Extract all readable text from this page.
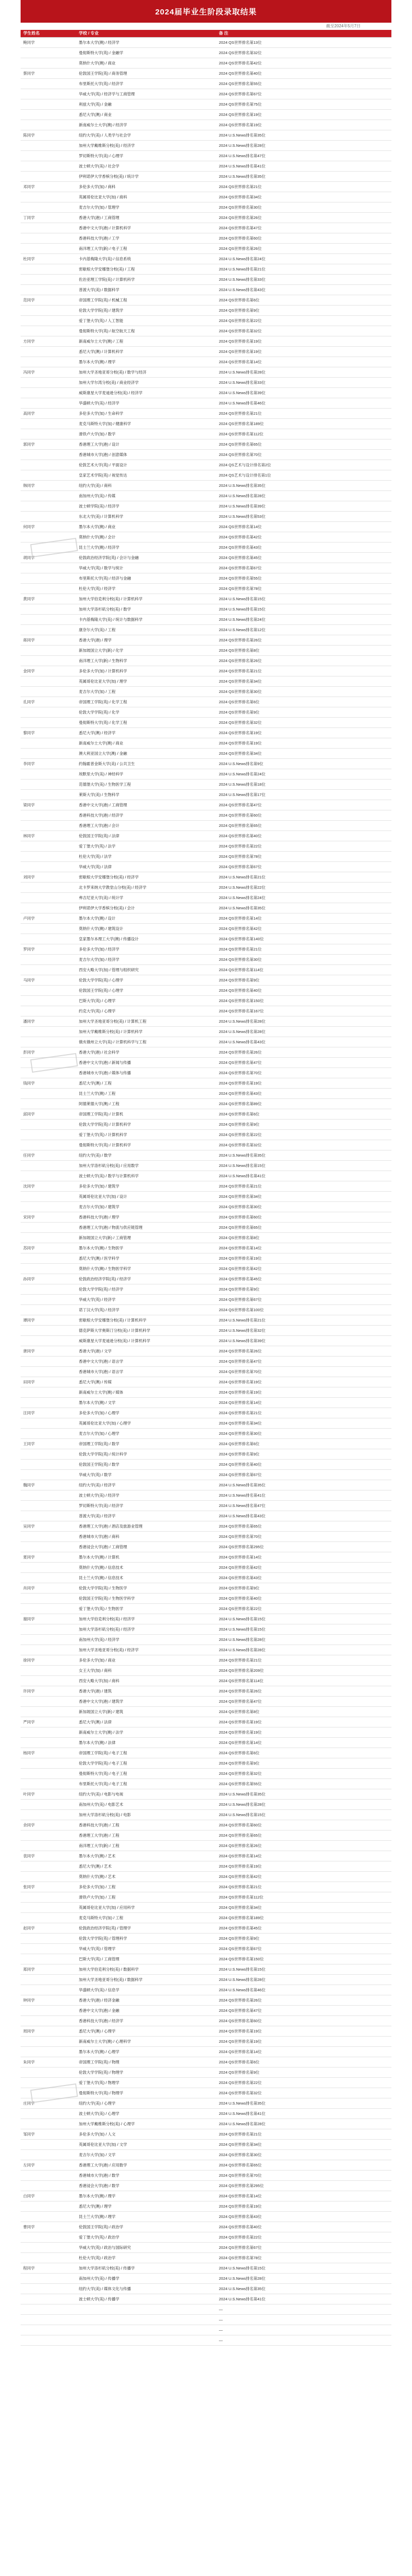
2024届毕业生阶段录取结果
截至2024年5月7日
学生姓名	学校 / 专业	备 注
鲍同学	墨尔本大学(澳) / 经济学	2024 QS世界排名第13位
	曼彻斯特大学(英) / 金融学	2024 QS世界排名第32位
	莫纳什大学(澳) / 商业	2024 QS世界排名第42位
蔡同学	伦敦国王学院(英) / 商务管理	2024 QS世界排名第40位
	布里斯托大学(英) / 经济学	2024 QS世界排名第55位
	华威大学(英) / 经济学与工商管理	2024 QS世界排名第67位
	利兹大学(英) / 金融	2024 QS世界排名第75位
	悉尼大学(澳) / 商业	2024 QS世界排名第19位
	新南威尔士大学(澳) / 经济学	2024 QS世界排名第19位
陈同学	纽约大学(美) / 人类学与社会学	2024 U.S.News排名第35位
	加州大学戴维斯分校(美) / 经济学	2024 U.S.News排名第28位
	罗切斯特大学(美) / 心理学	2024 U.S.News排名第47位
	波士顿大学(美) / 社会学	2024 U.S.News排名第41位
	伊利诺伊大学香槟分校(美) / 统计学	2024 U.S.News排名第35位
邓同学	多伦多大学(加) / 商科	2024 QS世界排名第21位
	英属哥伦比亚大学(加) / 商科	2024 QS世界排名第34位
	麦吉尔大学(加) / 管理学	2024 QS世界排名第30位
丁同学	香港大学(港) / 工商管理	2024 QS世界排名第26位
	香港中文大学(港) / 计算机科学	2024 QS世界排名第47位
	香港科技大学(港) / 工学	2024 QS世界排名第60位
	南洋理工大学(新) / 电子工程	2024 QS世界排名第26位
杜同学	卡内基梅隆大学(美) / 信息系统	2024 U.S.News排名第24位
	密歇根大学安娜堡分校(美) / 工程	2024 U.S.News排名第21位
	佐治亚理工学院(美) / 计算机科学	2024 U.S.News排名第33位
	普渡大学(美) / 数据科学	2024 U.S.News排名第43位
范同学	帝国理工学院(英) / 机械工程	2024 QS世界排名第6位
	伦敦大学学院(英) / 建筑学	2024 QS世界排名第9位
	爱丁堡大学(英) / 人工智能	2024 QS世界排名第22位
	曼彻斯特大学(英) / 航空航天工程	2024 QS世界排名第32位
方同学	新南威尔士大学(澳) / 工程	2024 QS世界排名第19位
	悉尼大学(澳) / 计算机科学	2024 QS世界排名第19位
	墨尔本大学(澳) / 理学	2024 QS世界排名第14位
冯同学	加州大学圣地亚哥分校(美) / 数学与经济	2024 U.S.News排名第28位
	加州大学尔湾分校(美) / 商业经济学	2024 U.S.News排名第33位
	威斯康星大学麦迪逊分校(美) / 经济学	2024 U.S.News排名第39位
	华盛顿大学(美) / 经济学	2024 U.S.News排名第46位
高同学	多伦多大学(加) / 生命科学	2024 QS世界排名第21位
	麦克马斯特大学(加) / 健康科学	2024 QS世界排名第189位
	滑铁卢大学(加) / 数学	2024 QS世界排名第112位
郭同学	香港理工大学(港) / 设计	2024 QS世界排名第65位
	香港城市大学(港) / 创意媒体	2024 QS世界排名第70位
	伦敦艺术大学(英) / 平面设计	2024 QS艺术与设计排名第2位
	皇家艺术学院(英) / 视觉传达	2024 QS艺术与设计排名第1位
韩同学	纽约大学(美) / 商科	2024 U.S.News排名第35位
	南加州大学(美) / 传媒	2024 U.S.News排名第28位
	波士顿学院(美) / 经济学	2024 U.S.News排名第39位
	东北大学(美) / 计算机科学	2024 U.S.News排名第53位
何同学	墨尔本大学(澳) / 商业	2024 QS世界排名第14位
	莫纳什大学(澳) / 会计	2024 QS世界排名第42位
	昆士兰大学(澳) / 经济学	2024 QS世界排名第43位
胡同学	伦敦政治经济学院(英) / 会计与金融	2024 QS世界排名第45位
	华威大学(英) / 数学与统计	2024 QS世界排名第67位
	布里斯托大学(英) / 经济与金融	2024 QS世界排名第55位
	杜伦大学(英) / 经济学	2024 QS世界排名第78位
黄同学	加州大学伯克利分校(美) / 计算机科学	2024 U.S.News排名第15位
	加州大学洛杉矶分校(美) / 数学	2024 U.S.News排名第15位
	卡内基梅隆大学(美) / 统计与数据科学	2024 U.S.News排名第24位
	康奈尔大学(美) / 工程	2024 U.S.News排名第12位
蒋同学	香港大学(港) / 理学	2024 QS世界排名第26位
	新加坡国立大学(新) / 化学	2024 QS世界排名第8位
	南洋理工大学(新) / 生物科学	2024 QS世界排名第26位
金同学	多伦多大学(加) / 计算机科学	2024 QS世界排名第21位
	英属哥伦比亚大学(加) / 理学	2024 QS世界排名第34位
	麦吉尔大学(加) / 工程	2024 QS世界排名第30位
孔同学	帝国理工学院(英) / 化学工程	2024 QS世界排名第6位
	伦敦大学学院(英) / 化学	2024 QS世界排名第9位
	曼彻斯特大学(英) / 化学工程	2024 QS世界排名第32位
黎同学	悉尼大学(澳) / 经济学	2024 QS世界排名第19位
	新南威尔士大学(澳) / 商业	2024 QS世界排名第19位
	澳大利亚国立大学(澳) / 金融	2024 QS世界排名第34位
李同学	约翰霍普金斯大学(美) / 公共卫生	2024 U.S.News排名第9位
	埃默里大学(美) / 神经科学	2024 U.S.News排名第24位
	范德堡大学(美) / 生物医学工程	2024 U.S.News排名第18位
	莱斯大学(美) / 生物科学	2024 U.S.News排名第17位
梁同学	香港中文大学(港) / 工商管理	2024 QS世界排名第47位
	香港科技大学(港) / 经济学	2024 QS世界排名第60位
	香港理工大学(港) / 会计	2024 QS世界排名第65位
林同学	伦敦国王学院(英) / 法律	2024 QS世界排名第40位
	爱丁堡大学(英) / 法学	2024 QS世界排名第22位
	杜伦大学(英) / 法学	2024 QS世界排名第78位
	华威大学(英) / 法律	2024 QS世界排名第67位
刘同学	密歇根大学安娜堡分校(美) / 经济学	2024 U.S.News排名第21位
	北卡罗来纳大学教堂山分校(美) / 经济学	2024 U.S.News排名第22位
	弗吉尼亚大学(美) / 统计学	2024 U.S.News排名第24位
	伊利诺伊大学香槟分校(美) / 会计	2024 U.S.News排名第35位
卢同学	墨尔本大学(澳) / 设计	2024 QS世界排名第14位
	莫纳什大学(澳) / 建筑设计	2024 QS世界排名第42位
	皇家墨尔本理工大学(澳) / 传播设计	2024 QS世界排名第140位
罗同学	多伦多大学(加) / 经济学	2024 QS世界排名第21位
	麦吉尔大学(加) / 经济学	2024 QS世界排名第30位
	西安大略大学(加) / 管理与组织研究	2024 QS世界排名第114位
马同学	伦敦大学学院(英) / 心理学	2024 QS世界排名第9位
	伦敦国王学院(英) / 心理学	2024 QS世界排名第40位
	巴斯大学(英) / 心理学	2024 QS世界排名第150位
	约克大学(英) / 心理学	2024 QS世界排名第167位
潘同学	加州大学圣地亚哥分校(美) / 计算机工程	2024 U.S.News排名第28位
	加州大学戴维斯分校(美) / 计算机科学	2024 U.S.News排名第28位
	俄亥俄州立大学(美) / 计算机科学与工程	2024 U.S.News排名第43位
彭同学	香港大学(港) / 社会科学	2024 QS世界排名第26位
	香港中文大学(港) / 新闻与传播	2024 QS世界排名第47位
	香港城市大学(港) / 媒体与传播	2024 QS世界排名第70位
钱同学	悉尼大学(澳) / 工程	2024 QS世界排名第19位
	昆士兰大学(澳) / 工程	2024 QS世界排名第43位
	阿德莱德大学(澳) / 工程	2024 QS世界排名第89位
邱同学	帝国理工学院(英) / 计算机	2024 QS世界排名第6位
	伦敦大学学院(英) / 计算机科学	2024 QS世界排名第9位
	爱丁堡大学(英) / 计算机科学	2024 QS世界排名第22位
	曼彻斯特大学(英) / 计算机科学	2024 QS世界排名第32位
任同学	纽约大学(美) / 数学	2024 U.S.News排名第35位
	加州大学洛杉矶分校(美) / 应用数学	2024 U.S.News排名第15位
	波士顿大学(美) / 数学与计算机科学	2024 U.S.News排名第41位
沈同学	多伦多大学(加) / 建筑学	2024 QS世界排名第21位
	英属哥伦比亚大学(加) / 设计	2024 QS世界排名第34位
	麦吉尔大学(加) / 建筑学	2024 QS世界排名第30位
宋同学	香港科技大学(港) / 理学	2024 QS世界排名第60位
	香港理工大学(港) / 物流与供应链管理	2024 QS世界排名第65位
	新加坡国立大学(新) / 工商管理	2024 QS世界排名第8位
苏同学	墨尔本大学(澳) / 生物医学	2024 QS世界排名第14位
	悉尼大学(澳) / 医学科学	2024 QS世界排名第19位
	莫纳什大学(澳) / 生物医学科学	2024 QS世界排名第42位
孙同学	伦敦政治经济学院(英) / 经济学	2024 QS世界排名第45位
	伦敦大学学院(英) / 经济学	2024 QS世界排名第9位
	华威大学(英) / 经济学	2024 QS世界排名第67位
	诺丁汉大学(英) / 经济学	2024 QS世界排名第100位
谭同学	密歇根大学安娜堡分校(美) / 计算机科学	2024 U.S.News排名第21位
	德克萨斯大学奥斯汀分校(美) / 计算机科学	2024 U.S.News排名第32位
	威斯康星大学麦迪逊分校(美) / 计算机科学	2024 U.S.News排名第39位
唐同学	香港大学(港) / 文学	2024 QS世界排名第26位
	香港中文大学(港) / 语言学	2024 QS世界排名第47位
	香港城市大学(港) / 语言学	2024 QS世界排名第70位
田同学	悉尼大学(澳) / 传媒	2024 QS世界排名第19位
	新南威尔士大学(澳) / 媒体	2024 QS世界排名第19位
	墨尔本大学(澳) / 文学	2024 QS世界排名第14位
汪同学	多伦多大学(加) / 心理学	2024 QS世界排名第21位
	英属哥伦比亚大学(加) / 心理学	2024 QS世界排名第34位
	麦吉尔大学(加) / 心理学	2024 QS世界排名第30位
王同学	帝国理工学院(英) / 数学	2024 QS世界排名第6位
	伦敦大学学院(英) / 统计科学	2024 QS世界排名第9位
	伦敦国王学院(英) / 数学	2024 QS世界排名第40位
	华威大学(英) / 数学	2024 QS世界排名第67位
魏同学	纽约大学(美) / 经济学	2024 U.S.News排名第35位
	波士顿大学(美) / 经济学	2024 U.S.News排名第41位
	罗切斯特大学(美) / 经济学	2024 U.S.News排名第47位
	普渡大学(美) / 经济学	2024 U.S.News排名第43位
吴同学	香港理工大学(港) / 酒店及旅游业管理	2024 QS世界排名第65位
	香港城市大学(港) / 商科	2024 QS世界排名第70位
	香港浸会大学(港) / 工商管理	2024 QS世界排名第295位
夏同学	墨尔本大学(澳) / 计算机	2024 QS世界排名第14位
	莫纳什大学(澳) / 信息技术	2024 QS世界排名第42位
	昆士兰大学(澳) / 信息技术	2024 QS世界排名第43位
肖同学	伦敦大学学院(英) / 生物医学	2024 QS世界排名第9位
	伦敦国王学院(英) / 生物医学科学	2024 QS世界排名第40位
	爱丁堡大学(英) / 生物医学	2024 QS世界排名第22位
谢同学	加州大学伯克利分校(美) / 经济学	2024 U.S.News排名第15位
	加州大学洛杉矶分校(美) / 经济学	2024 U.S.News排名第15位
	南加州大学(美) / 经济学	2024 U.S.News排名第28位
	加州大学圣地亚哥分校(美) / 经济学	2024 U.S.News排名第28位
徐同学	多伦多大学(加) / 商业	2024 QS世界排名第21位
	女王大学(加) / 商科	2024 QS世界排名第209位
	西安大略大学(加) / 商科	2024 QS世界排名第114位
许同学	香港大学(港) / 建筑	2024 QS世界排名第26位
	香港中文大学(港) / 建筑学	2024 QS世界排名第47位
	新加坡国立大学(新) / 建筑	2024 QS世界排名第8位
严同学	悉尼大学(澳) / 法律	2024 QS世界排名第19位
	新南威尔士大学(澳) / 法学	2024 QS世界排名第19位
	墨尔本大学(澳) / 法律	2024 QS世界排名第14位
杨同学	帝国理工学院(英) / 电子工程	2024 QS世界排名第6位
	伦敦大学学院(英) / 电子工程	2024 QS世界排名第9位
	曼彻斯特大学(英) / 电子工程	2024 QS世界排名第32位
	布里斯托大学(英) / 电子工程	2024 QS世界排名第55位
叶同学	纽约大学(美) / 电影与电视	2024 U.S.News排名第35位
	南加州大学(美) / 电影艺术	2024 U.S.News排名第28位
	加州大学洛杉矶分校(美) / 电影	2024 U.S.News排名第15位
余同学	香港科技大学(港) / 工程	2024 QS世界排名第60位
	香港理工大学(港) / 工程	2024 QS世界排名第65位
	南洋理工大学(新) / 工程	2024 QS世界排名第26位
袁同学	墨尔本大学(澳) / 艺术	2024 QS世界排名第14位
	悉尼大学(澳) / 艺术	2024 QS世界排名第19位
	莫纳什大学(澳) / 艺术	2024 QS世界排名第42位
张同学	多伦多大学(加) / 工程	2024 QS世界排名第21位
	滑铁卢大学(加) / 工程	2024 QS世界排名第112位
	英属哥伦比亚大学(加) / 应用科学	2024 QS世界排名第34位
	麦克马斯特大学(加) / 工程	2024 QS世界排名第189位
赵同学	伦敦政治经济学院(英) / 管理学	2024 QS世界排名第45位
	伦敦大学学院(英) / 管理科学	2024 QS世界排名第9位
	华威大学(英) / 管理学	2024 QS世界排名第67位
	巴斯大学(英) / 工商管理	2024 QS世界排名第150位
郑同学	加州大学伯克利分校(美) / 数据科学	2024 U.S.News排名第15位
	加州大学圣地亚哥分校(美) / 数据科学	2024 U.S.News排名第28位
	华盛顿大学(美) / 信息学	2024 U.S.News排名第46位
钟同学	香港大学(港) / 经济金融	2024 QS世界排名第26位
	香港中文大学(港) / 金融	2024 QS世界排名第47位
	香港科技大学(港) / 经济学	2024 QS世界排名第60位
周同学	悉尼大学(澳) / 心理学	2024 QS世界排名第19位
	新南威尔士大学(澳) / 心理科学	2024 QS世界排名第19位
	墨尔本大学(澳) / 心理学	2024 QS世界排名第14位
朱同学	帝国理工学院(英) / 物理	2024 QS世界排名第6位
	伦敦大学学院(英) / 物理学	2024 QS世界排名第9位
	爱丁堡大学(英) / 物理学	2024 QS世界排名第22位
	曼彻斯特大学(英) / 物理学	2024 QS世界排名第32位
庄同学	纽约大学(美) / 心理学	2024 U.S.News排名第35位
	波士顿大学(美) / 心理学	2024 U.S.News排名第41位
	加州大学戴维斯分校(美) / 心理学	2024 U.S.News排名第28位
邹同学	多伦多大学(加) / 人文	2024 QS世界排名第21位
	英属哥伦比亚大学(加) / 文学	2024 QS世界排名第34位
	麦吉尔大学(加) / 文学	2024 QS世界排名第30位
左同学	香港理工大学(港) / 应用数学	2024 QS世界排名第65位
	香港城市大学(港) / 数学	2024 QS世界排名第70位
	香港浸会大学(港) / 数学	2024 QS世界排名第295位
白同学	墨尔本大学(澳) / 理学	2024 QS世界排名第14位
	悉尼大学(澳) / 理学	2024 QS世界排名第19位
	昆士兰大学(澳) / 理学	2024 QS世界排名第43位
曹同学	伦敦国王学院(英) / 政治学	2024 QS世界排名第40位
	爱丁堡大学(英) / 政治学	2024 QS世界排名第22位
	华威大学(英) / 政治与国际研究	2024 QS世界排名第67位
	杜伦大学(英) / 政治学	2024 QS世界排名第78位
程同学	加州大学洛杉矶分校(美) / 传播学	2024 U.S.News排名第15位
	南加州大学(美) / 传播学	2024 U.S.News排名第28位
	纽约大学(美) / 媒体文化与传播	2024 U.S.News排名第35位
	波士顿大学(美) / 传播学	2024 U.S.News排名第41位
		—
		—
		—
		—
